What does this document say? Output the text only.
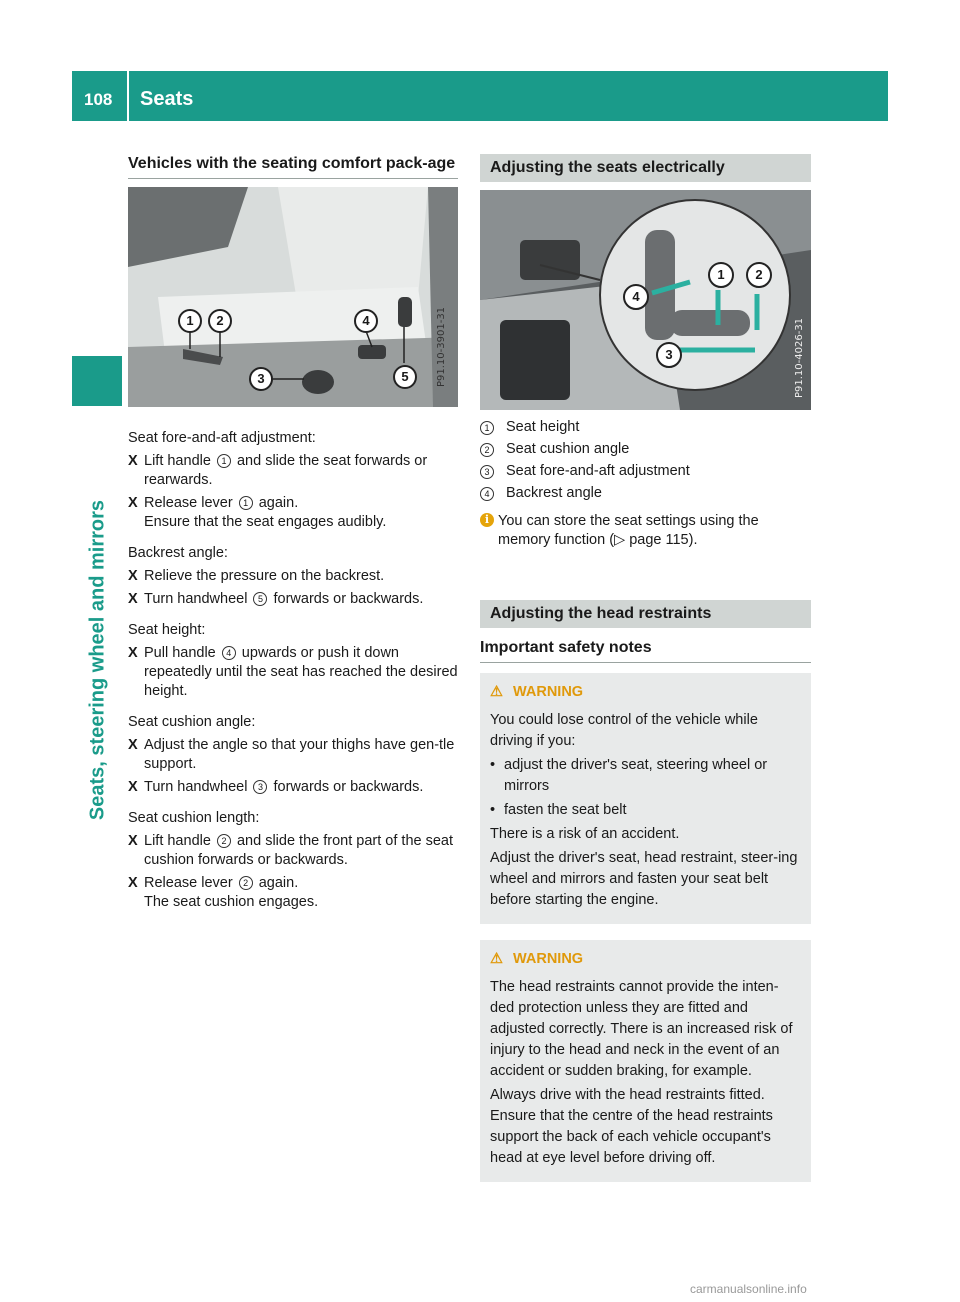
108 Seats
Seats, steering wheel and mirrors
Vehicles with the seating comfort pack-age
P91.10-3901-31
1	2
3
4
5

Seat fore-and-aft adjustment:

X Lift handle 1 and slide the seat forwards or rearwards.
X Release lever 1 again.
Ensure that the seat engages audibly.

Backrest angle:

X Relieve the pressure on the backrest.
X Turn handwheel 5 forwards or backwards.

Seat height:

X Pull handle 4 upwards or push it down repeatedly until the seat has reached the desired height.

Seat cushion angle:

X Adjust the angle so that your thighs have gen-tle support.
X Turn handwheel 3 forwards or backwards.

Seat cushion length:

X Lift handle 2 and slide the front part of the seat cushion forwards or backwards.
X Release lever 2 again.
The seat cushion engages.
Adjusting the seats electrically
P91.10-4026-31
1	2
3
4
1	Seat height
2	Seat cushion angle
3	Seat fore-and-aft adjustment
4	Backrest angle
i You can store the seat settings using the memory function (▷ page 115).
Adjusting the head restraints
Important safety notes
⚠ WARNING

You could lose control of the vehicle while driving if you:

• adjust the driver's seat, steering wheel or mirrors
• fasten the seat belt

There is a risk of an accident.

Adjust the driver's seat, head restraint, steer-ing wheel and mirrors and fasten your seat belt before starting the engine.

⚠ WARNING

The head restraints cannot provide the inten-ded protection unless they are fitted and adjusted correctly. There is an increased risk of injury to the head and neck in the event of an accident or sudden braking, for example.

Always drive with the head restraints fitted. Ensure that the centre of the head restraints support the back of each vehicle occupant's head at eye level before driving off.

carmanualsonline.info
